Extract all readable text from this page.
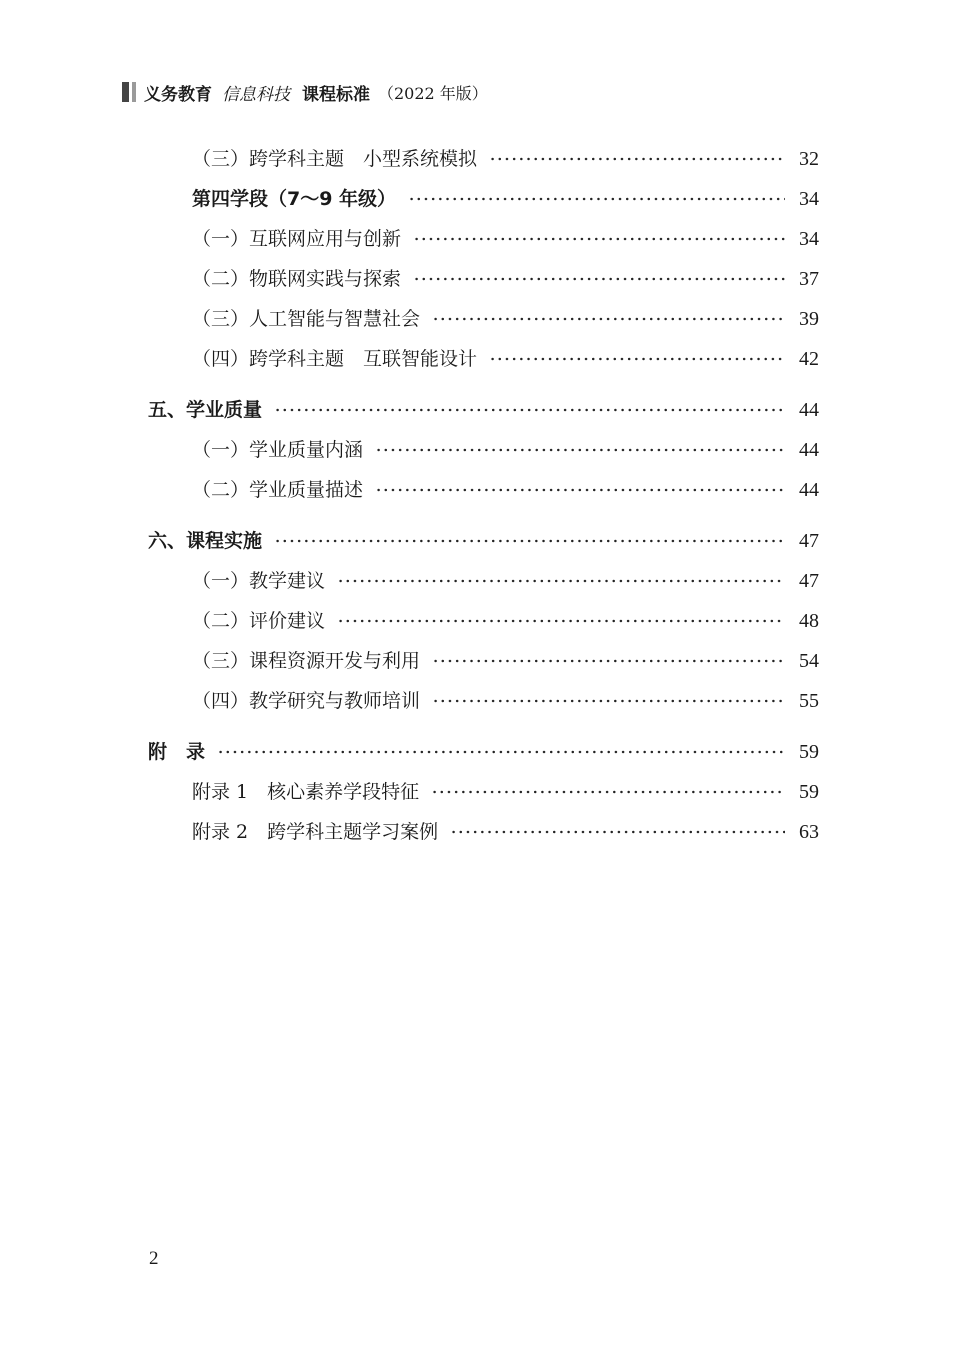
义务教育 信息科技 课程标准 （2022 年版）
（三）跨学科主题　小型系统模拟	32
第四学段（7～9 年级）	34
（一）互联网应用与创新	34
（二）物联网实践与探索	37
（三）人工智能与智慧社会	39
（四）跨学科主题　互联智能设计	42
五、学业质量	44
（一）学业质量内涵	44
（二）学业质量描述	44
六、课程实施	47
（一）教学建议	47
（二）评价建议	48
（三）课程资源开发与利用	54
（四）教学研究与教师培训	55
附　录	59
附录 1　核心素养学段特征	59
附录 2　跨学科主题学习案例	63
2
